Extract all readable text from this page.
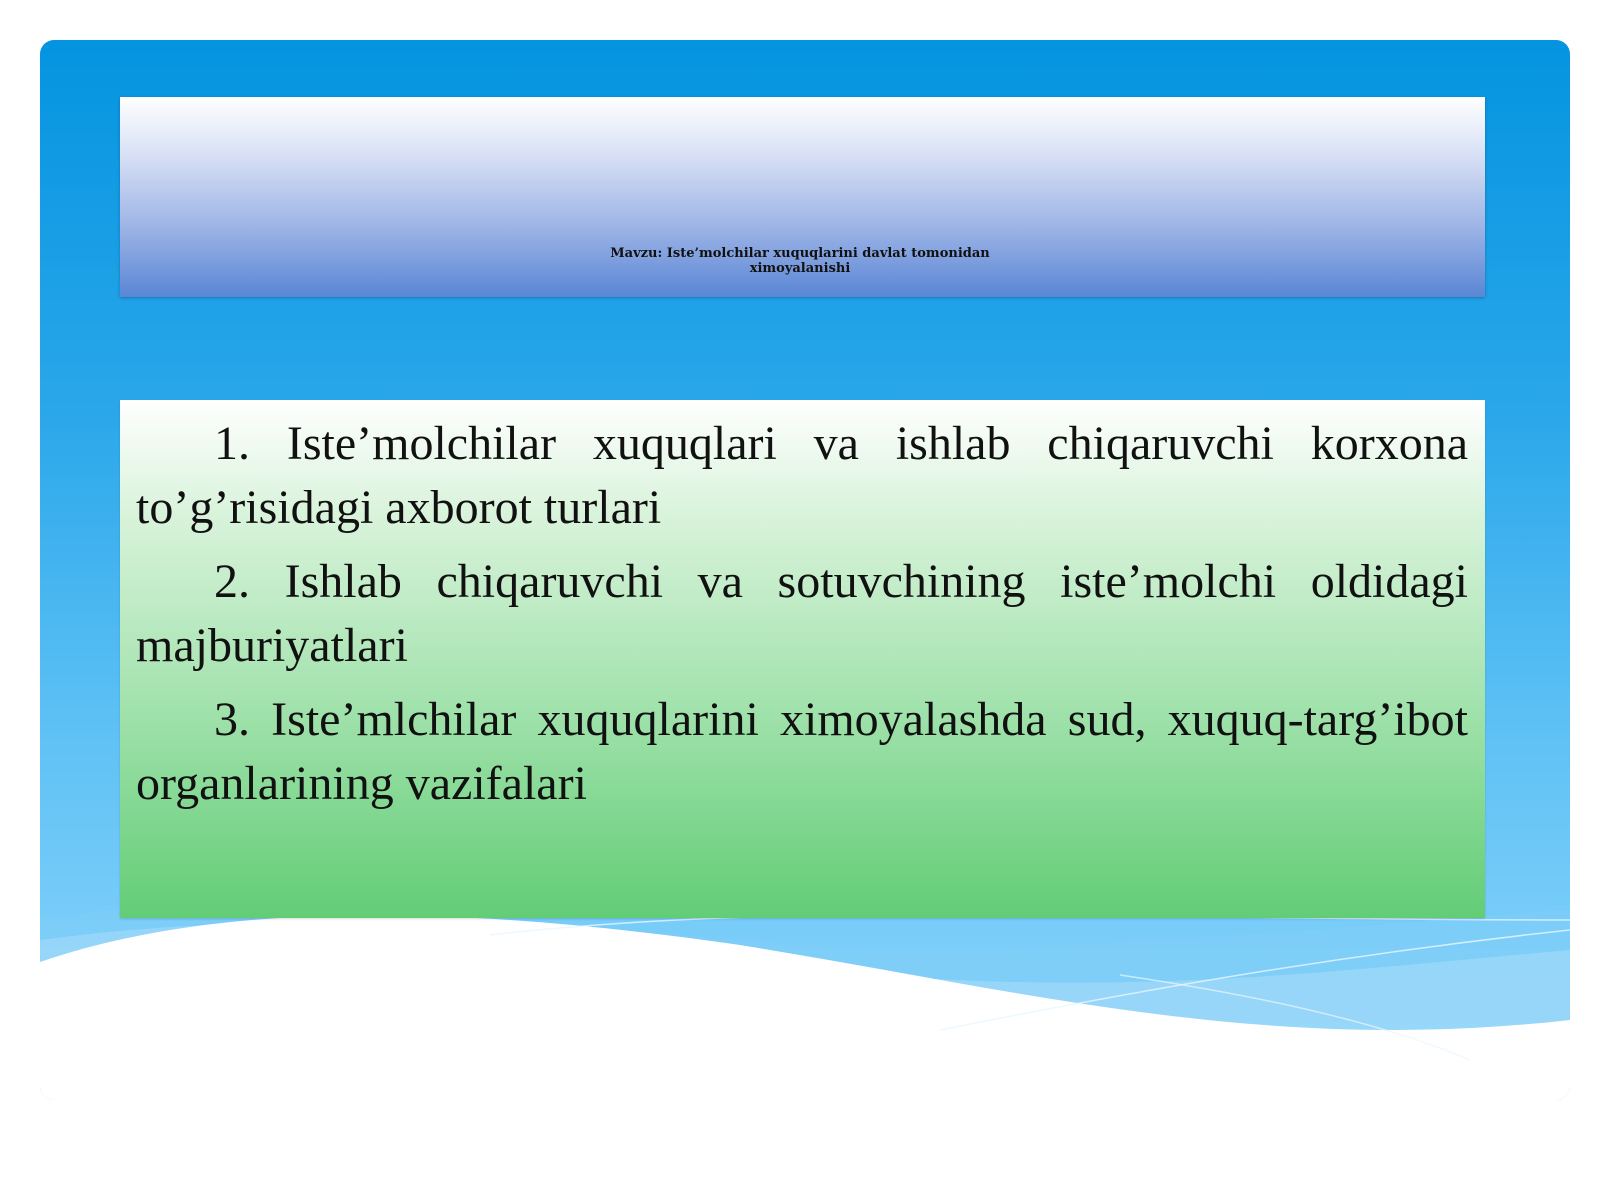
Mavzu: Iste’molchilar xuquqlarini davlat tomonidan
ximoyalanishi

1. Iste’molchilar xuquqlari va ishlab chiqaruvchi korxona to’g’risidagi axborot turlari

2. Ishlab chiqaruvchi va sotuvchining iste’molchi oldidagi majburiyatlari

3. Iste’mlchilar xuquqlarini ximoyalashda sud, xuquq-targ’ibot organlarining vazifalari
